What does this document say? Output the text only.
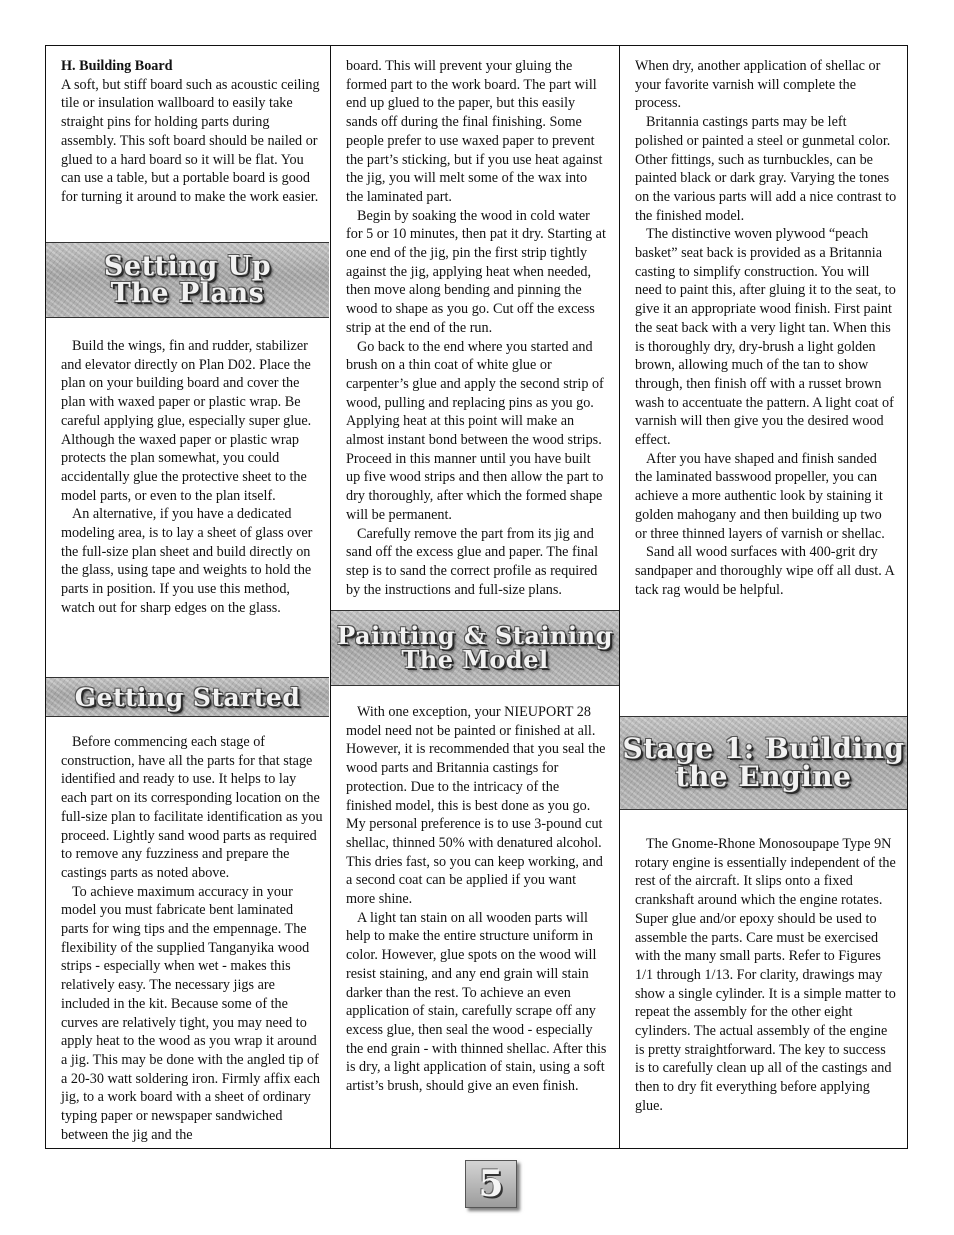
H. Building Board

A soft, but stiff board such as acoustic ceiling tile or insulation wallboard to easily take straight pins for holding parts during assembly. This soft board should be nailed or glued to a hard board so it will be flat. You can use a table, but a portable board is good for turning it around to make the work easier.

Setting Up
The Plans

Build the wings, fin and rudder, stabilizer and elevator directly on Plan D02. Place the plan on your building board and cover the plan with waxed paper or plastic wrap. Be careful applying glue, especially super glue. Although the waxed paper or plastic wrap protects the plan somewhat, you could accidentally glue the protective sheet to the model parts, or even to the plan itself.

An alternative, if you have a dedicated modeling area, is to lay a sheet of glass over the full-size plan sheet and build directly on the glass, using tape and weights to hold the parts in position. If you use this method, watch out for sharp edges on the glass.

Getting Started

Before commencing each stage of construction, have all the parts for that stage identified and ready to use. It helps to lay each part on its corresponding location on the full-size plan to facilitate identification as you proceed. Lightly sand wood parts as required to remove any fuzziness and prepare the castings parts as noted above.

To achieve maximum accuracy in your model you must fabricate bent laminated parts for wing tips and the empennage. The flexibility of the supplied Tanganyika wood strips - especially when wet - makes this relatively easy. The necessary jigs are included in the kit. Because some of the curves are relatively tight, you may need to apply heat to the wood as you wrap it around a jig. This may be done with the angled tip of a 20-30 watt soldering iron. Firmly affix each jig, to a work board with a sheet of ordinary typing paper or newspaper sandwiched between the jig and the

board. This will prevent your gluing the formed part to the work board. The part will end up glued to the paper, but this easily sands off during the final finishing. Some people prefer to use waxed paper to prevent the part’s sticking, but if you use heat against the jig, you will melt some of the wax into the laminated part.

Begin by soaking the wood in cold water for 5 or 10 minutes, then pat it dry. Starting at one end of the jig, pin the first strip tightly against the jig, applying heat when needed, then move along bending and pinning the wood to shape as you go. Cut off the excess strip at the end of the run.

Go back to the end where you started and brush on a thin coat of white glue or carpenter’s glue and apply the second strip of wood, pulling and replacing pins as you go. Applying heat at this point will make an almost instant bond between the wood strips. Proceed in this manner until you have built up five wood strips and then allow the part to dry thoroughly, after which the formed shape will be permanent.

Carefully remove the part from its jig and sand off the excess glue and paper. The final step is to sand the correct profile as required by the instructions and full-size plans.

Painting & Staining
The Model

With one exception, your NIEUPORT 28 model need not be painted or finished at all. However, it is recommended that you seal the wood parts and Britannia castings for protection. Due to the intricacy of the finished model, this is best done as you go. My personal preference is to use 3-pound cut shellac, thinned 50% with denatured alcohol. This dries fast, so you can keep working, and a second coat can be applied if you want more shine.

A light tan stain on all wooden parts will help to make the entire structure uniform in color. However, glue spots on the wood will resist staining, and any end grain will stain darker than the rest. To achieve an even application of stain, carefully scrape off any excess glue, then seal the wood - especially the end grain - with thinned shellac. After this is dry, a light application of stain, using a soft artist’s brush, should give an even finish.

When dry, another application of shellac or your favorite varnish will complete the process.

Britannia castings parts may be left polished or painted a steel or gunmetal color. Other fittings, such as turnbuckles, can be painted black or dark gray. Varying the tones on the various parts will add a nice contrast to the finished model.

The distinctive woven plywood “peach basket” seat back is provided as a Britannia casting to simplify construction. You will need to paint this, after gluing it to the seat, to give it an appropriate wood finish. First paint the seat back with a very light tan. When this is thoroughly dry, dry-brush a light golden brown, allowing much of the tan to show through, then finish off with a russet brown wash to accentuate the pattern. A light coat of varnish will then give you the desired wood effect.

After you have shaped and finish sanded the laminated basswood propeller, you can achieve a more authentic look by staining it golden mahogany and then building up two or three thinned layers of varnish or shellac.

Sand all wood surfaces with 400-grit dry sandpaper and thoroughly wipe off all dust. A tack rag would be helpful.

Stage 1: Building
the Engine

The Gnome-Rhone Monosoupape Type 9N rotary engine is essentially independent of the rest of the aircraft. It slips onto a fixed crankshaft around which the engine rotates. Super glue and/or epoxy should be used to assemble the parts. Care must be exercised with the many small parts. Refer to Figures 1/1 through 1/13. For clarity, drawings may show a single cylinder. It is a simple matter to repeat the assembly for the other eight cylinders. The actual assembly of the engine is pretty straightforward. The key to success is to carefully clean up all of the castings and then to dry fit everything before applying glue.

5
